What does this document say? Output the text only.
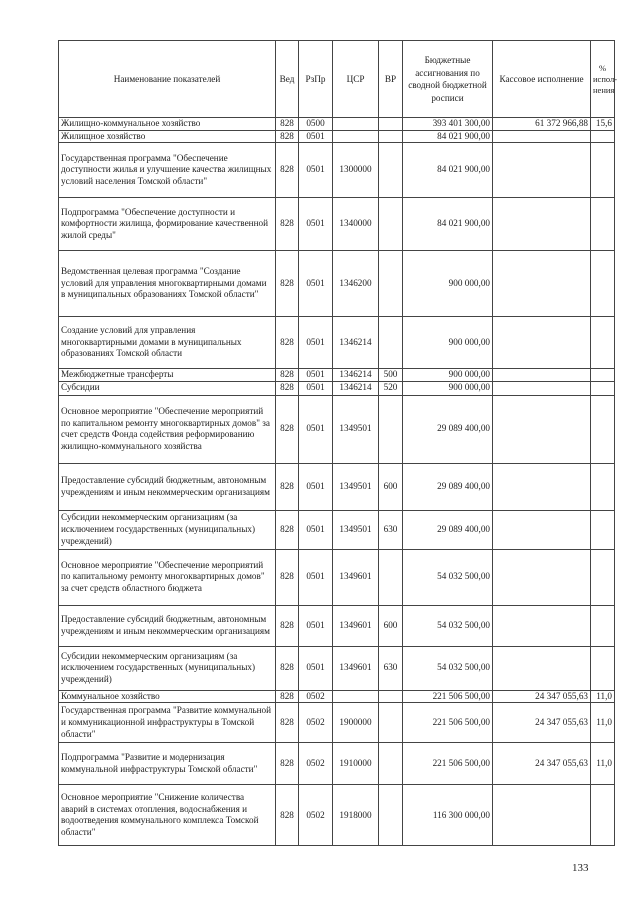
Наименование показателей	Вед	РзПр	ЦСР	ВР	Бюджетные ассигнования по сводной бюджетной росписи	Кассовое исполнение	% испол-нения
Жилищно-коммунальное хозяйство	828	0500			393 401 300,00	61 372 966,88	15,6
Жилищное хозяйство	828	0501			84 021 900,00		
Государственная программа "Обеспечение доступности жилья и улучшение качества жилищных условий населения Томской области"	828	0501	1300000		84 021 900,00		
Подпрограмма "Обеспечение доступности и комфортности жилища, формирование качественной жилой среды"	828	0501	1340000		84 021 900,00		
Ведомственная целевая программа "Создание условий для управления многоквартирными домами в муниципальных образованиях Томской области"	828	0501	1346200		900 000,00		
Создание условий для управления многоквартирными домами в муниципальных образованиях Томской области	828	0501	1346214		900 000,00		
Межбюджетные трансферты	828	0501	1346214	500	900 000,00		
Субсидии	828	0501	1346214	520	900 000,00		
Основное мероприятие "Обеспечение мероприятий по капитальном ремонту многоквартирных домов" за счет средств Фонда содействия реформированию жилищно-коммунального хозяйства	828	0501	1349501		29 089 400,00		
Предоставление субсидий бюджетным, автономным учреждениям и иным некоммерческим организациям	828	0501	1349501	600	29 089 400,00		
Субсидии некоммерческим организациям (за исключением государственных (муниципальных) учреждений)	828	0501	1349501	630	29 089 400,00		
Основное мероприятие "Обеспечение мероприятий по капитальному ремонту многоквартирных домов" за счет средств областного бюджета	828	0501	1349601		54 032 500,00		
Предоставление субсидий бюджетным, автономным учреждениям и иным некоммерческим организациям	828	0501	1349601	600	54 032 500,00		
Субсидии некоммерческим организациям (за исключением государственных (муниципальных) учреждений)	828	0501	1349601	630	54 032 500,00		
Коммунальное хозяйство	828	0502			221 506 500,00	24 347 055,63	11,0
Государственная программа "Развитие коммунальной и коммуникационной инфраструктуры в Томской области"	828	0502	1900000		221 506 500,00	24 347 055,63	11,0
Подпрограмма "Развитие и модернизация коммунальной инфраструктуры Томской области"	828	0502	1910000		221 506 500,00	24 347 055,63	11,0
Основное мероприятие "Снижение количества аварий в системах отопления, водоснабжения и водоотведения коммунального комплекса Томской области"	828	0502	1918000		116 300 000,00		
133
